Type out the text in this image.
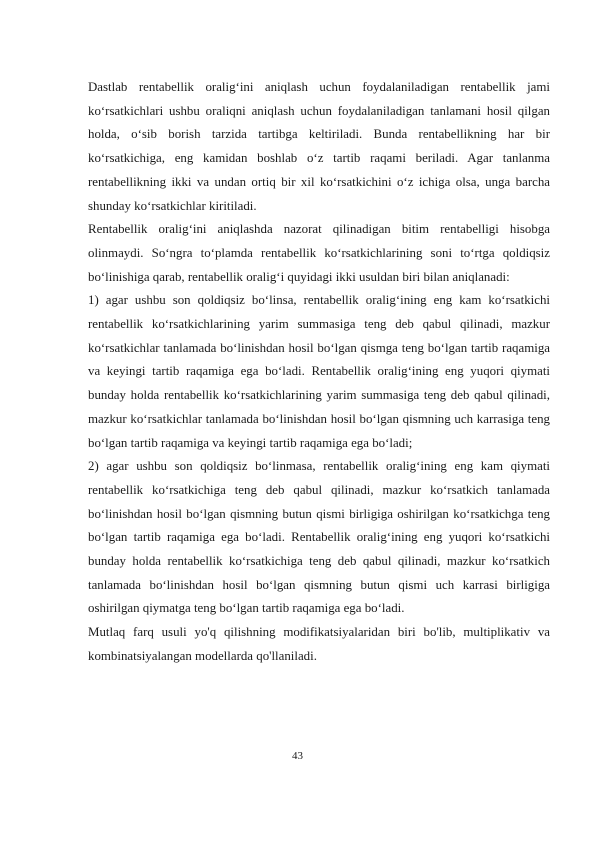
Dastlab rentabellik oralig‘ini aniqlash uchun foydalaniladigan rentabellik jami ko‘rsatkichlari ushbu oraliqni aniqlash uchun foydalaniladigan tanlamani hosil qilgan holda, o‘sib borish tarzida tartibga keltiriladi. Bunda rentabellikning har bir ko‘rsatkichiga, eng kamidan boshlab o‘z tartib raqami beriladi. Agar tanlanma rentabellikning ikki va undan ortiq bir xil ko‘rsatkichini o‘z ichiga olsa, unga barcha shunday ko‘rsatkichlar kiritiladi.

Rentabellik oralig‘ini aniqlashda nazorat qilinadigan bitim rentabelligi hisobga olinmaydi. So‘ngra to‘plamda rentabellik ko‘rsatkichlarining soni to‘rtga qoldiqsiz bo‘linishiga qarab, rentabellik oralig‘i quyidagi ikki usuldan biri bilan aniqlanadi:

1) agar ushbu son qoldiqsiz bo‘linsa, rentabellik oralig‘ining eng kam ko‘rsatkichi rentabellik ko‘rsatkichlarining yarim summasiga teng deb qabul qilinadi, mazkur ko‘rsatkichlar tanlamada bo‘linishdan hosil bo‘lgan qismga teng bo‘lgan tartib raqamiga va keyingi tartib raqamiga ega bo‘ladi. Rentabellik oralig‘ining eng yuqori qiymati bunday holda rentabellik ko‘rsatkichlarining yarim summasiga teng deb qabul qilinadi, mazkur ko‘rsatkichlar tanlamada bo‘linishdan hosil bo‘lgan qismning uch karrasiga teng bo‘lgan tartib raqamiga va keyingi tartib raqamiga ega bo‘ladi;

2) agar ushbu son qoldiqsiz bo‘linmasa, rentabellik oralig‘ining eng kam qiymati rentabellik ko‘rsatkichiga teng deb qabul qilinadi, mazkur ko‘rsatkich tanlamada bo‘linishdan hosil bo‘lgan qismning butun qismi birligiga oshirilgan ko‘rsatkichga teng bo‘lgan tartib raqamiga ega bo‘ladi. Rentabellik oralig‘ining eng yuqori ko‘rsatkichi bunday holda rentabellik ko‘rsatkichiga teng deb qabul qilinadi, mazkur ko‘rsatkich tanlamada bo‘linishdan hosil bo‘lgan qismning butun qismi uch karrasi birligiga oshirilgan qiymatga teng bo‘lgan tartib raqamiga ega bo‘ladi.

Mutlaq farq usuli yo'q qilishning modifikatsiyalaridan biri bo'lib, multiplikativ va kombinatsiyalangan modellarda qo'llaniladi.

43
